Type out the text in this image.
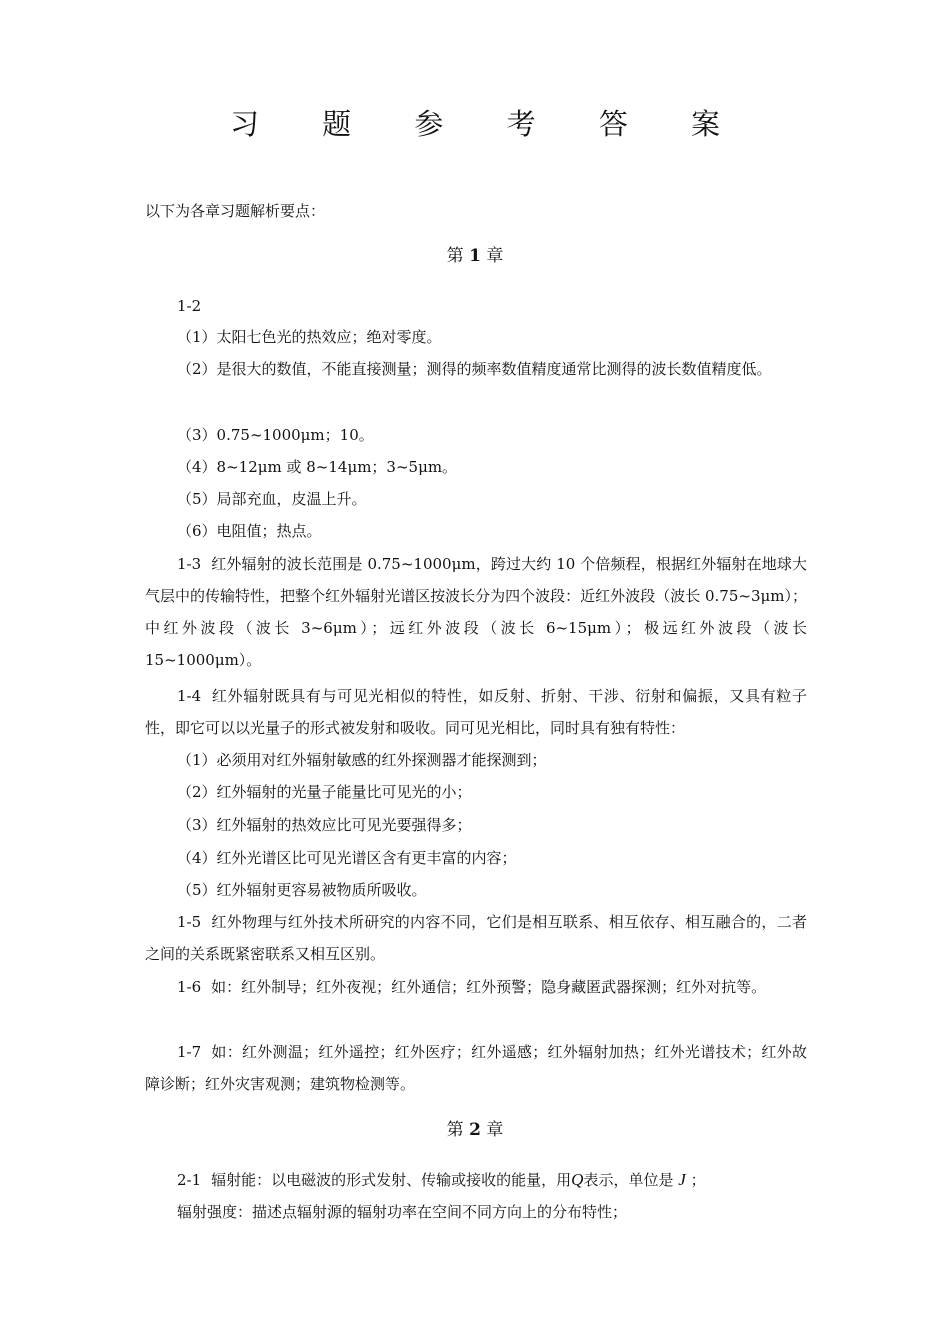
习 题 参 考 答 案
以下为各章习题解析要点：
第 1 章
1-2
（1）太阳七色光的热效应；绝对零度。
（2）是很大的数值，不能直接测量；测得的频率数值精度通常比测得的波长数值精度低。
（3）0.75~1000μm；10。
（4）8~12μm 或 8~14μm；3~5μm。
（5）局部充血，皮温上升。
（6）电阻值；热点。
1-3 红外辐射的波长范围是 0.75~1000μm，跨过大约 10 个倍频程，根据红外辐射在地球大气层中的传输特性，把整个红外辐射光谱区按波长分为四个波段：近红外波段（波长 0.75~3μm）；中红外波段（波长 3~6μm）；远红外波段（波长 6~15μm）；极远红外波段（波长 15~1000μm）。
1-4 红外辐射既具有与可见光相似的特性，如反射、折射、干涉、衍射和偏振，又具有粒子性，即它可以以光量子的形式被发射和吸收。同可见光相比，同时具有独有特性：
（1）必须用对红外辐射敏感的红外探测器才能探测到；
（2）红外辐射的光量子能量比可见光的小；
（3）红外辐射的热效应比可见光要强得多；
（4）红外光谱区比可见光谱区含有更丰富的内容；
（5）红外辐射更容易被物质所吸收。
1-5 红外物理与红外技术所研究的内容不同，它们是相互联系、相互依存、相互融合的，二者之间的关系既紧密联系又相互区别。
1-6 如：红外制导；红外夜视；红外通信；红外预警；隐身藏匿武器探测；红外对抗等。
1-7 如：红外测温；红外遥控；红外医疗；红外遥感；红外辐射加热；红外光谱技术；红外故障诊断；红外灾害观测；建筑物检测等。
第 2 章
2-1 辐射能：以电磁波的形式发射、传输或接收的能量，用Q表示，单位是 J ；
辐射强度：描述点辐射源的辐射功率在空间不同方向上的分布特性；
